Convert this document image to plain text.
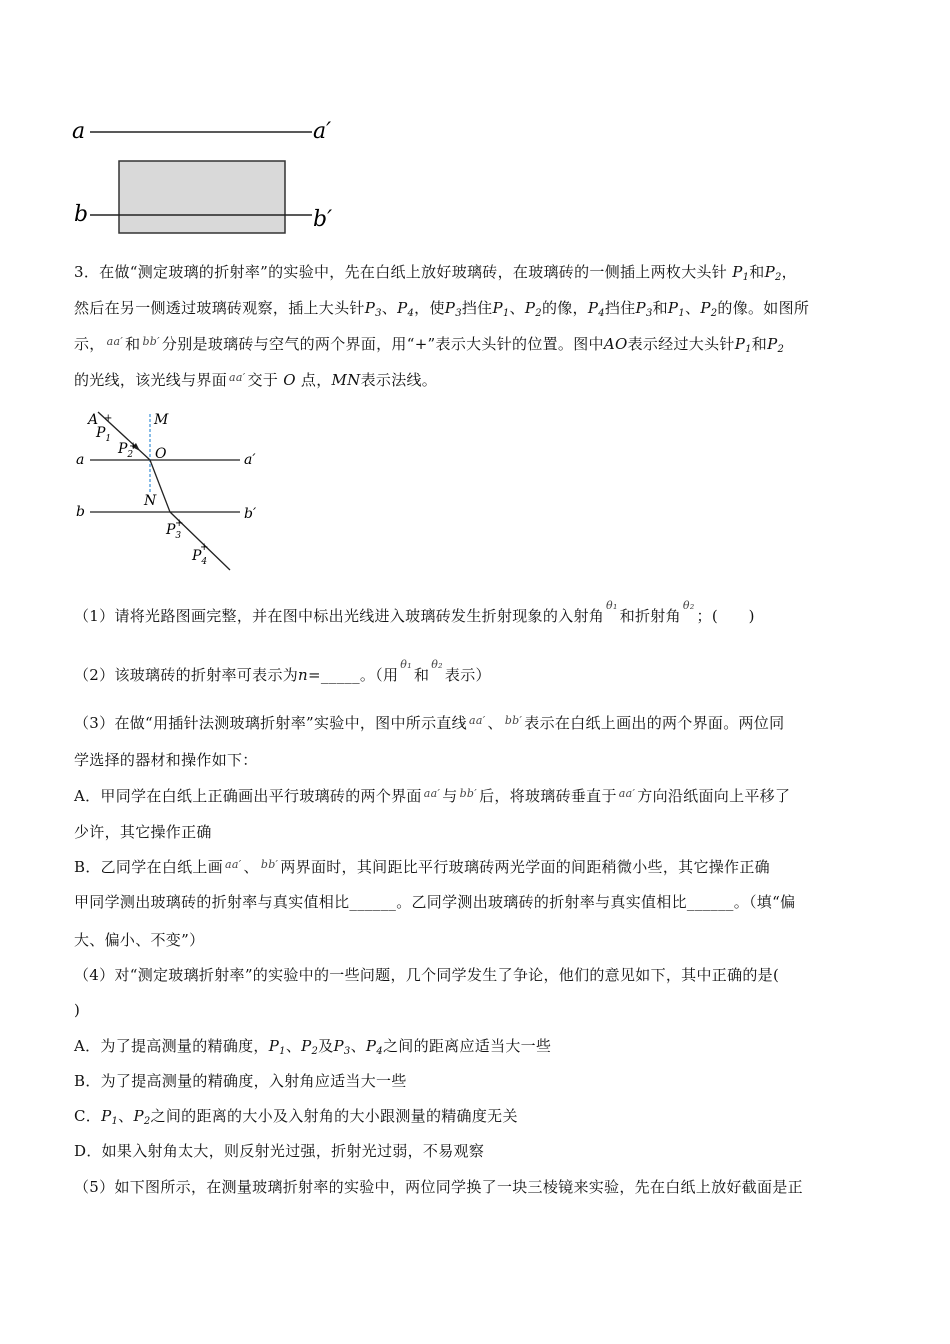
a	a′
b	b′
3．在做“测定玻璃的折射率”的实验中，先在白纸上放好玻璃砖，在玻璃砖的一侧插上两枚大头针 $P_1$和$P_2$，
然后在另一侧透过玻璃砖观察，插上大头针$P_3$、$P_4$，使$P_3$挡住$P_1$、$P_2$的像，$P_4$挡住$P_3$和$P_1$、$P_2$的像。如图所
示， $^{aa'}$ 和 $^{bb'}$ 分别是玻璃砖与空气的两个界面，用“+”表示大头针的位置。图中AO表示经过大头针$P_1$和$P_2$
的光线，该光线与界面 $^{aa'}$ 交于 O 点，MN表示法线。
+
+
+
+
A
$P_1$
M
$P_2$ O
a	a′
N
b	b′
$P_3$
$P_4$
（1）请将光路图画完整，并在图中标出光线进入玻璃砖发生折射现象的入射角$^{\theta_1}$和折射角$^{\theta_2}$；(　　)
（2）该玻璃砖的折射率可表示为n=_____。（用$^{\theta_1}$和$^{\theta_2}$表示）
（3）在做“用插针法测玻璃折射率”实验中，图中所示直线 $^{aa'}$ 、 $^{bb'}$ 表示在白纸上画出的两个界面。两位同
学选择的器材和操作如下：
A．甲同学在白纸上正确画出平行玻璃砖的两个界面 $^{aa'}$ 与 $^{bb'}$ 后，将玻璃砖垂直于 $^{aa'}$ 方向沿纸面向上平移了
少许，其它操作正确
B．乙同学在白纸上画 $^{aa'}$ 、 $^{bb'}$ 两界面时，其间距比平行玻璃砖两光学面的间距稍微小些，其它操作正确
甲同学测出玻璃砖的折射率与真实值相比______。乙同学测出玻璃砖的折射率与真实值相比______。（填“偏
大、偏小、不变”）
（4）对“测定玻璃折射率”的实验中的一些问题，几个同学发生了争论，他们的意见如下，其中正确的是(
)
A．为了提高测量的精确度，$P_1$、$P_2$及$P_3$、$P_4$之间的距离应适当大一些
B．为了提高测量的精确度，入射角应适当大一些
C．$P_1$、$P_2$之间的距离的大小及入射角的大小跟测量的精确度无关
D．如果入射角太大，则反射光过强，折射光过弱，不易观察
（5）如下图所示，在测量玻璃折射率的实验中，两位同学换了一块三棱镜来实验，先在白纸上放好截面是正
